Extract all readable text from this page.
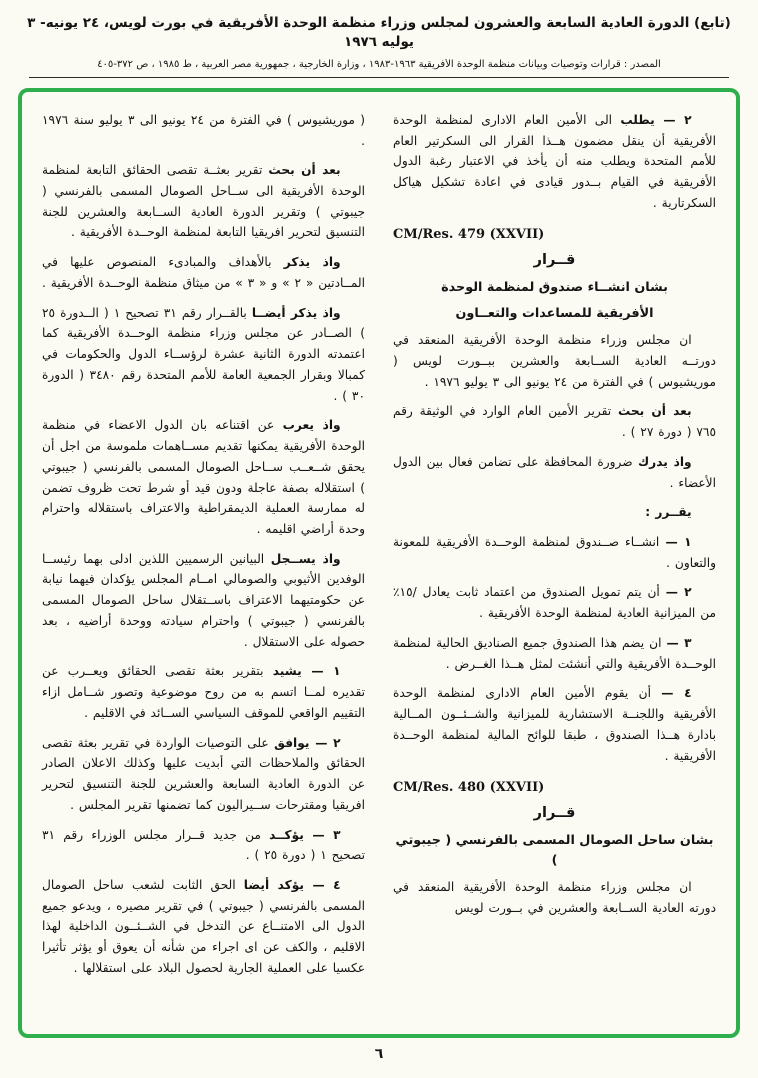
(تابع) الدورة العادية السابعة والعشرون لمجلس وزراء منظمة الوحدة الأفريقية في بورت لويس، ٢٤ يونيه- ٣ يوليه ١٩٧٦
المصدر : قرارات وتوصيات وبيانات منظمة الوحدة الأفريقية ١٩٦٣-١٩٨٣ ، وزارة الخارجية ، جمهورية مصر العربية ، ط ١٩٨٥ ، ص ٣٧٢-٤٠٥

٢ — يطلب الى الأمين العام الادارى لمنظمة الوحدة الأفريقية أن ينقل مضمون هــذا القرار الى السكرتير العام للأمم المتحدة ويطلب منه أن يأخذ في الاعتبار رغبة الدول الأفريقية في القيام بــدور قيادى في اعادة تشكيل هياكل السكرتارية .

CM/Res. 479 (XXVII)

قــرار
بشان انشــاء صندوق لمنظمة الوحدة
الأفريقية للمساعدات والتعــاون

ان مجلس وزراء منظمة الوحدة الأفريقية المنعقد في دورتــه العادية الســابعة والعشرين ببــورت لويس ( موريشيوس ) في الفترة من ٢٤ يونيو الى ٣ يوليو ١٩٧٦ .

بعد أن بحث تقرير الأمين العام الوارد في الوثيقة رقم ٧٦٥ ( دورة ٢٧ ) .

واذ يدرك ضرورة المحافظة على تضامن فعال بين الدول الأعضاء .

يقــرر :

١ — انشــاء صــندوق لمنظمة الوحــدة الأفريقية للمعونة والتعاون .

٢ — أن يتم تمويل الصندوق من اعتماد ثابت يعادل /١٥٪ من الميزانية العادية لمنظمة الوحدة الأفريقية .

٣ — ان يضم هذا الصندوق جميع الصناديق الحالية لمنظمة الوحــدة الأفريقية والتي أنشئت لمثل هــذا الغــرض .

٤ — أن يقوم الأمين العام الادارى لمنظمة الوحدة الأفريقية واللجنــة الاستشارية للميزانية والشــئــون المــالية بادارة هــذا الصندوق ، طبقا للوائح المالية لمنظمة الوحــدة الأفريقية .

CM/Res. 480 (XXVII)

قــرار
بشان ساحل الصومال المسمى بالفرنسي ( جيبوتي )

ان مجلس وزراء منظمة الوحدة الأفريقية المنعقد في دورته العادية الســابعة والعشرين في بــورت لويس

( موريشيوس ) في الفترة من ٢٤ يونيو الى ٣ يوليو سنة ١٩٧٦ .

بعد أن بحث تقرير بعثــة تقصى الحقائق التابعة لمنظمة الوحدة الأفريقية الى ســاحل الصومال المسمى بالفرنسي ( جيبوتي ) وتقرير الدورة العادية الســابعة والعشرين للجنة التنسيق لتحرير افريقيا التابعة لمنظمة الوحــدة الأفريقية .

واذ يذكر بالأهداف والمبادىء المنصوص عليها في المــادتين « ٢ » و « ٣ » من ميثاق منظمة الوحــدة الأفريقية .

واذ يذكر أيضــا بالقــرار رقم ٣١ تصحيح ١ ( الــدورة ٢٥ ) الصــادر عن مجلس وزراء منظمة الوحــدة الأفريقية كما اعتمدته الدورة الثانية عشرة لرؤســاء الدول والحكومات في كمبالا وبقرار الجمعية العامة للأمم المتحدة رقم ٣٤٨٠ ( الدورة ٣٠ ) .

واذ يعرب عن اقتناعه بان الدول الاعضاء في منظمة الوحدة الأفريقية يمكنها تقديم مســاهمات ملموسة من اجل أن يحقق شــعــب ســاحل الصومال المسمى بالفرنسي ( جيبوتي ) استقلاله بصفة عاجلة ودون قيد أو شرط تحت ظروف تضمن له ممارسة العملية الديمقراطية والاعتراف باستقلاله واحترام وحدة أراضي اقليمه .

واذ يســجل البيانين الرسميين اللذين ادلى بهما رئيســا الوفدين الأثيوبي والصومالي امــام المجلس يؤكدان فيهما نيابة عن حكومتيهما الاعتراف باســتقلال ساحل الصومال المسمى بالفرنسي ( جيبوتي ) واحترام سيادته ووحدة أراضيه ، بعد حصوله على الاستقلال .

١ — يشيد بتقرير بعثة تقصى الحقائق ويعــرب عن تقديره لمــا اتسم به من روح موضوعية وتصور شــامل ازاء التقييم الواقعي للموقف السياسي الســائد في الاقليم .

٢ — يوافق على التوصيات الواردة في تقرير بعثة تقصى الحقائق والملاحظات التي أبديت عليها وكذلك الاعلان الصادر عن الدورة العادية السابعة والعشرين للجنة التنسيق لتحرير افريقيا ومقترحات ســيراليون كما تضمنها تقرير المجلس .

٣ — يؤكــد من جديد قــرار مجلس الوزراء رقم ٣١ تصحيح ١ ( دورة ٢٥ ) .

٤ — يؤكد أيضا الحق الثابت لشعب ساحل الصومال المسمى بالفرنسي ( جيبوتي ) في تقرير مصيره ، ويدعو جميع الدول الى الامتنــاع عن التدخل في الشــئــون الداخلية لهذا الاقليم ، والكف عن اى اجراء من شأنه أن يعوق أو يؤثر تأثيرا عكسيا على العملية الجارية لحصول البلاد على استقلالها .

٦
